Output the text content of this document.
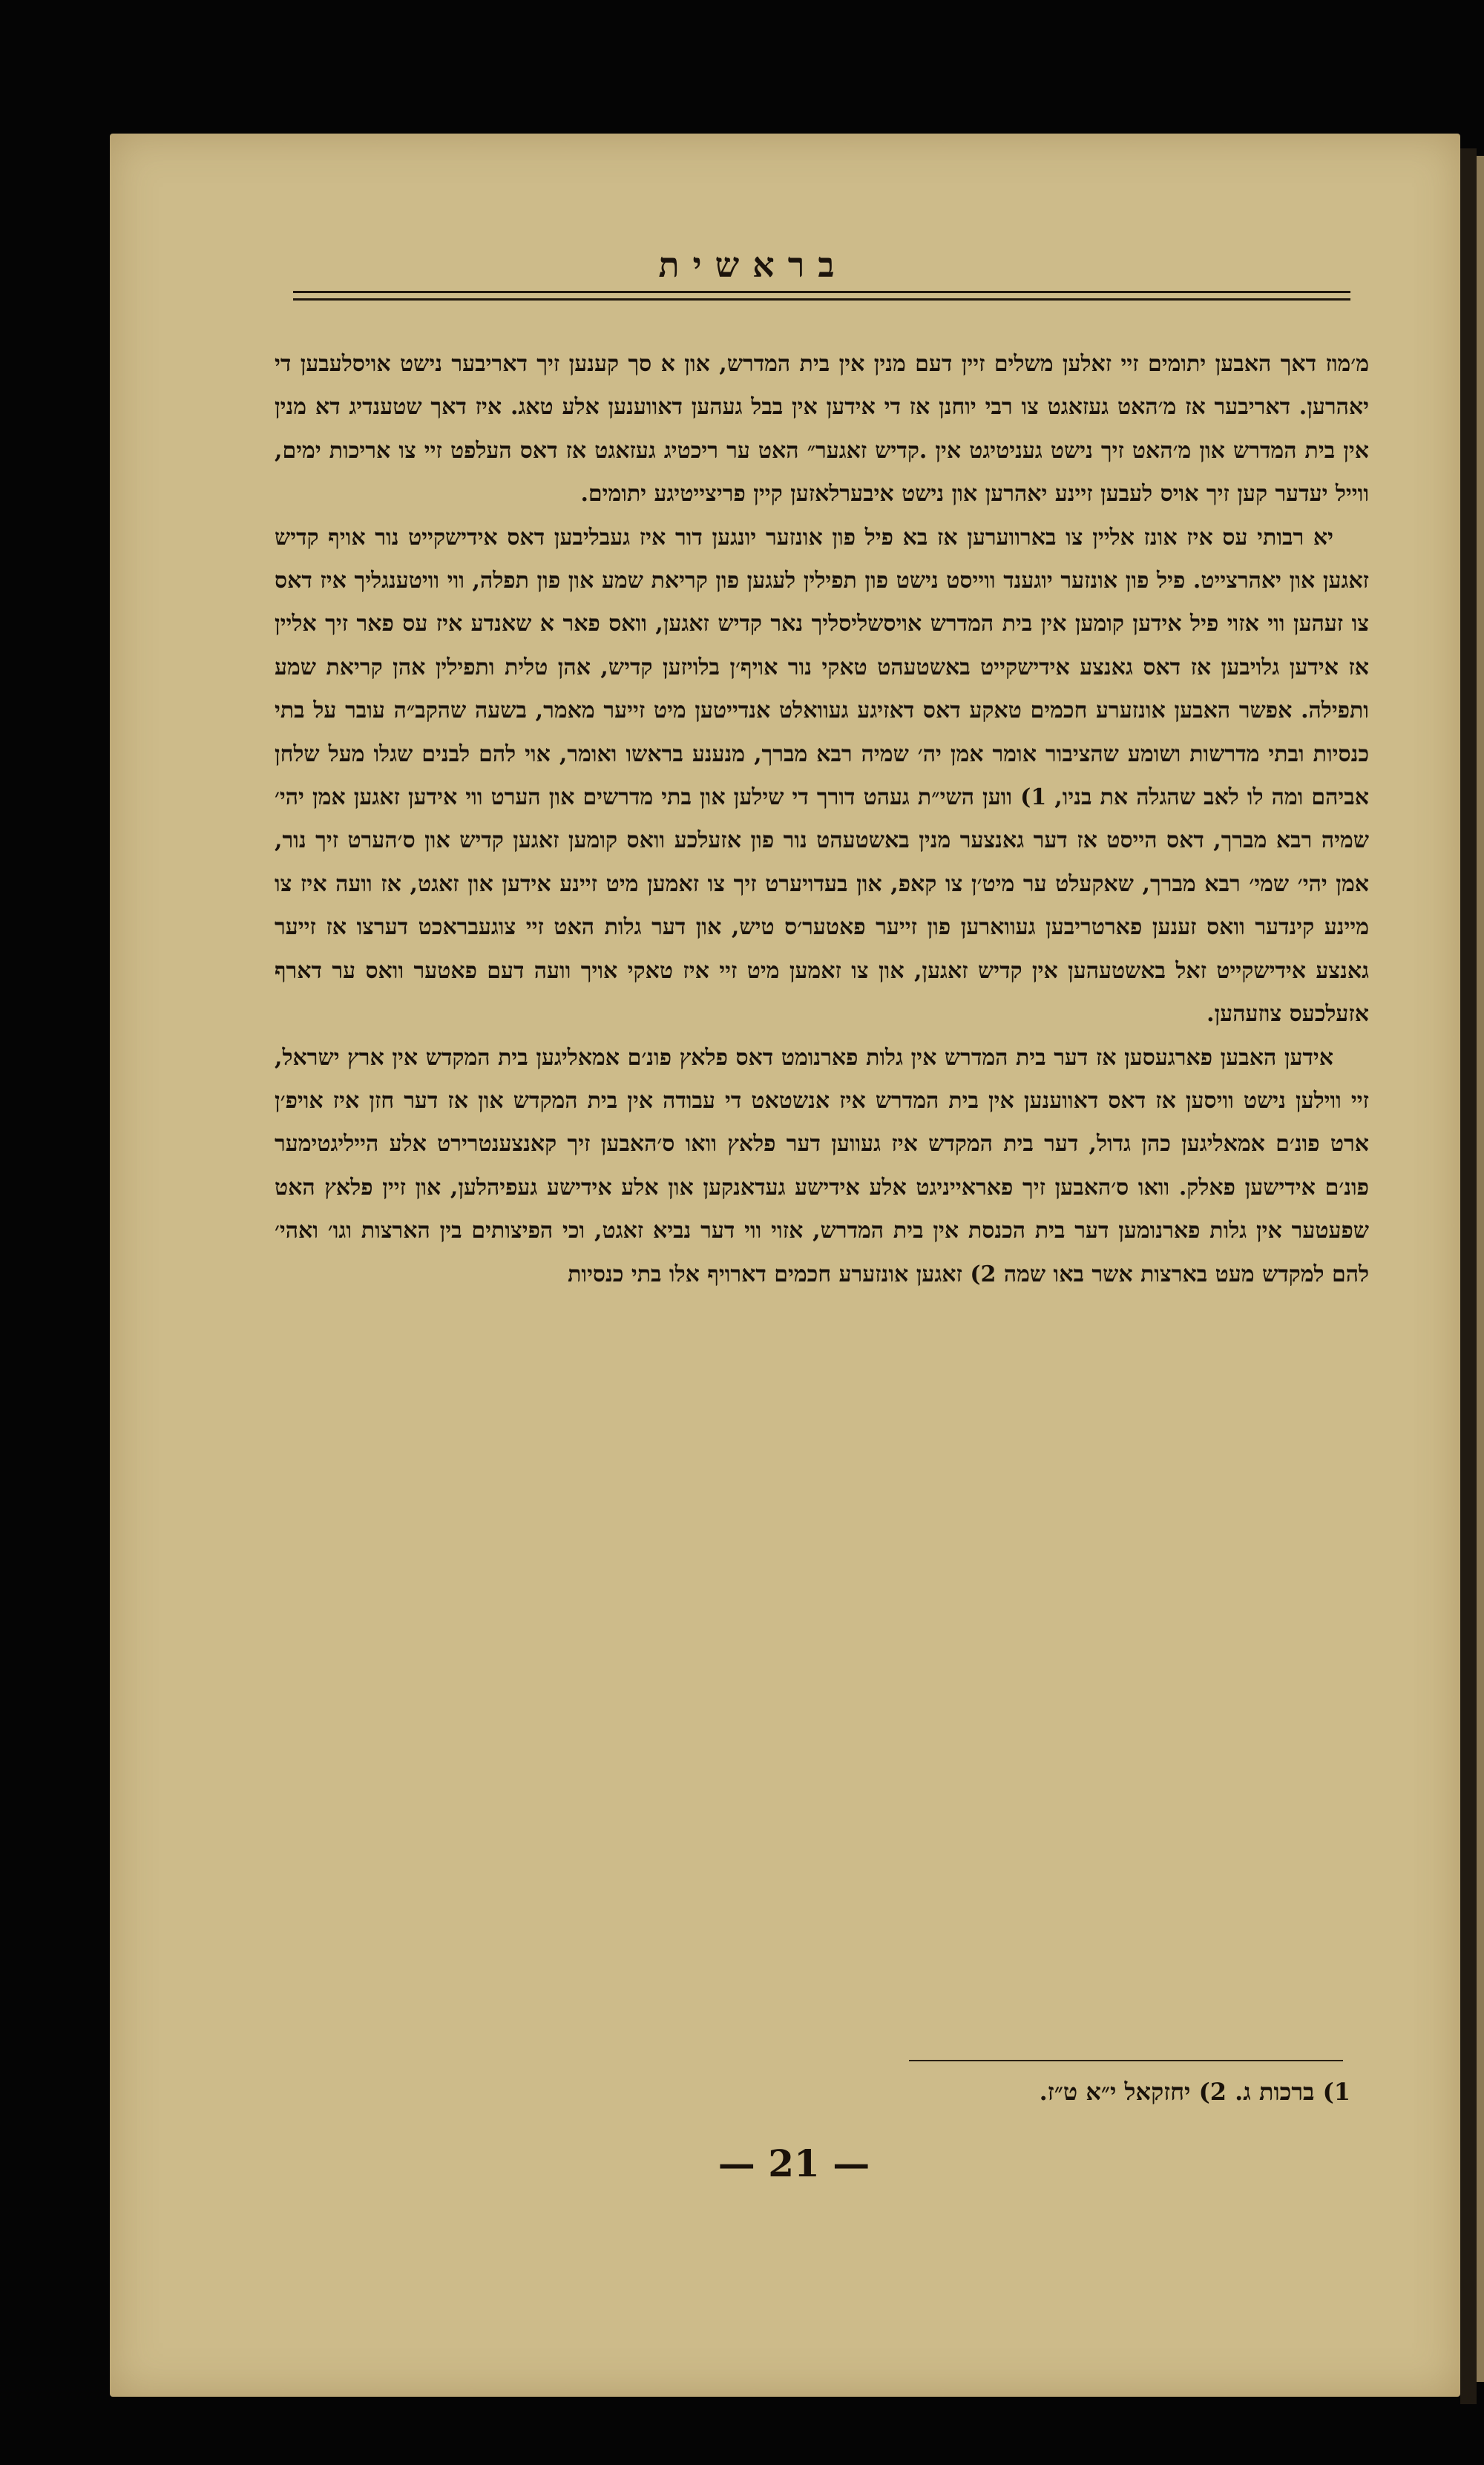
בראשית

מ׳מוז דאך האבען יתומים זיי זאלען משלים זיין דעם מנין אין בית המדרש, און א סך קענען זיך דאריבער נישט אויסלעבען די יאהרען. דאריבער אז מ׳האט געזאגט צו רבי יוחנן אז די אידען אין בבל געהען דאווענען אלע טאג. איז דאך שטענדיג דא מנין אין בית המדרש און מ׳האט זיך נישט געניטיגט אין .קדיש זאגער״ האט ער ריכטיג געזאגט אז דאס העלפט זיי צו אריכות ימים, ווייל יעדער קען זיך אויס לעבען זיינע יאהרען און נישט איבערלאזען קיין פריצייטיגע יתומים.

יא רבותי עס איז אונז אליין צו בארווערען אז בא פיל פון אונזער יונגען דור איז געבליבען דאס אידישקייט נור אויף קדיש זאגען און יאהרצייט. פיל פון אונזער יוגענד ווייסט נישט פון תפילין לעגען פון קריאת שמע און פון תפלה, ווי וויטענגליך איז דאס צו זעהען ווי אזוי פיל אידען קומען אין בית המדרש אויסשליסליך נאר קדיש זאגען, וואס פאר א שאנדע איז עס פאר זיך אליין אז אידען גלויבען אז דאס גאנצע אידישקייט באשטעהט טאקי נור אויף׳ן בלויזען קדיש, אהן טלית ותפילין אהן קריאת שמע ותפילה. אפשר האבען אונזערע חכמים טאקע דאס דאזיגע געוואלט אנדייטען מיט זייער מאמר, בשעה שהקב״ה עובר על בתי כנסיות ובתי מדרשות ושומע שהציבור אומר אמן יה׳ שמיה רבא מברך, מנענע בראשו ואומר, אוי להם לבנים שגלו מעל שלחן אביהם ומה לו לאב שהגלה את בניו, 1) ווען השי״ת געהט דורך די שילען און בתי מדרשים און הערט ווי אידען זאגען אמן יהי׳ שמיה רבא מברך, דאס הייסט אז דער גאנצער מנין באשטעהט נור פון אזעלכע וואס קומען זאגען קדיש און ס׳הערט זיך נור, אמן יהי׳ שמי׳ רבא מברך, שאקעלט ער מיט׳ן צו קאפ, און בעדויערט זיך צו זאמען מיט זיינע אידען און זאגט, אז וועה איז צו מיינע קינדער וואס זענען פארטריבען געווארען פון זייער פאטער׳ס טיש, און דער גלות האט זיי צוגעבראכט דערצו אז זייער גאנצע אידישקייט זאל באשטעהען אין קדיש זאגען, און צו זאמען מיט זיי איז טאקי אויך וועה דעם פאטער וואס ער דארף אזעלכעס צוזעהען.

אידען האבען פארגעסען אז דער בית המדרש אין גלות פארנומט דאס פלאץ פונ׳ם אמאליגען בית המקדש אין ארץ ישראל, זיי ווילען נישט וויסען אז דאס דאווענען אין בית המדרש איז אנשטאט די עבודה אין בית המקדש און אז דער חזן איז אויפ׳ן ארט פונ׳ם אמאליגען כהן גדול, דער בית המקדש איז געווען דער פלאץ וואו ס׳האבען זיך קאנצענטרירט אלע הייליגטימער פונ׳ם אידישען פאלק. וואו ס׳האבען זיך פאראייניגט אלע אידישע געדאנקען און אלע אידישע געפיהלען, און זיין פלאץ האט שפעטער אין גלות פארנומען דער בית הכנסת אין בית המדרש, אזוי ווי דער נביא זאגט, וכי הפיצותים בין הארצות וגו׳ ואהי׳ להם למקדש מעט בארצות אשר באו שמה 2) זאגען אונזערע חכמים דארויף אלו בתי כנסיות

1) ברכות ג. 2) יחזקאל י״א ט״ז.
— 21 —
